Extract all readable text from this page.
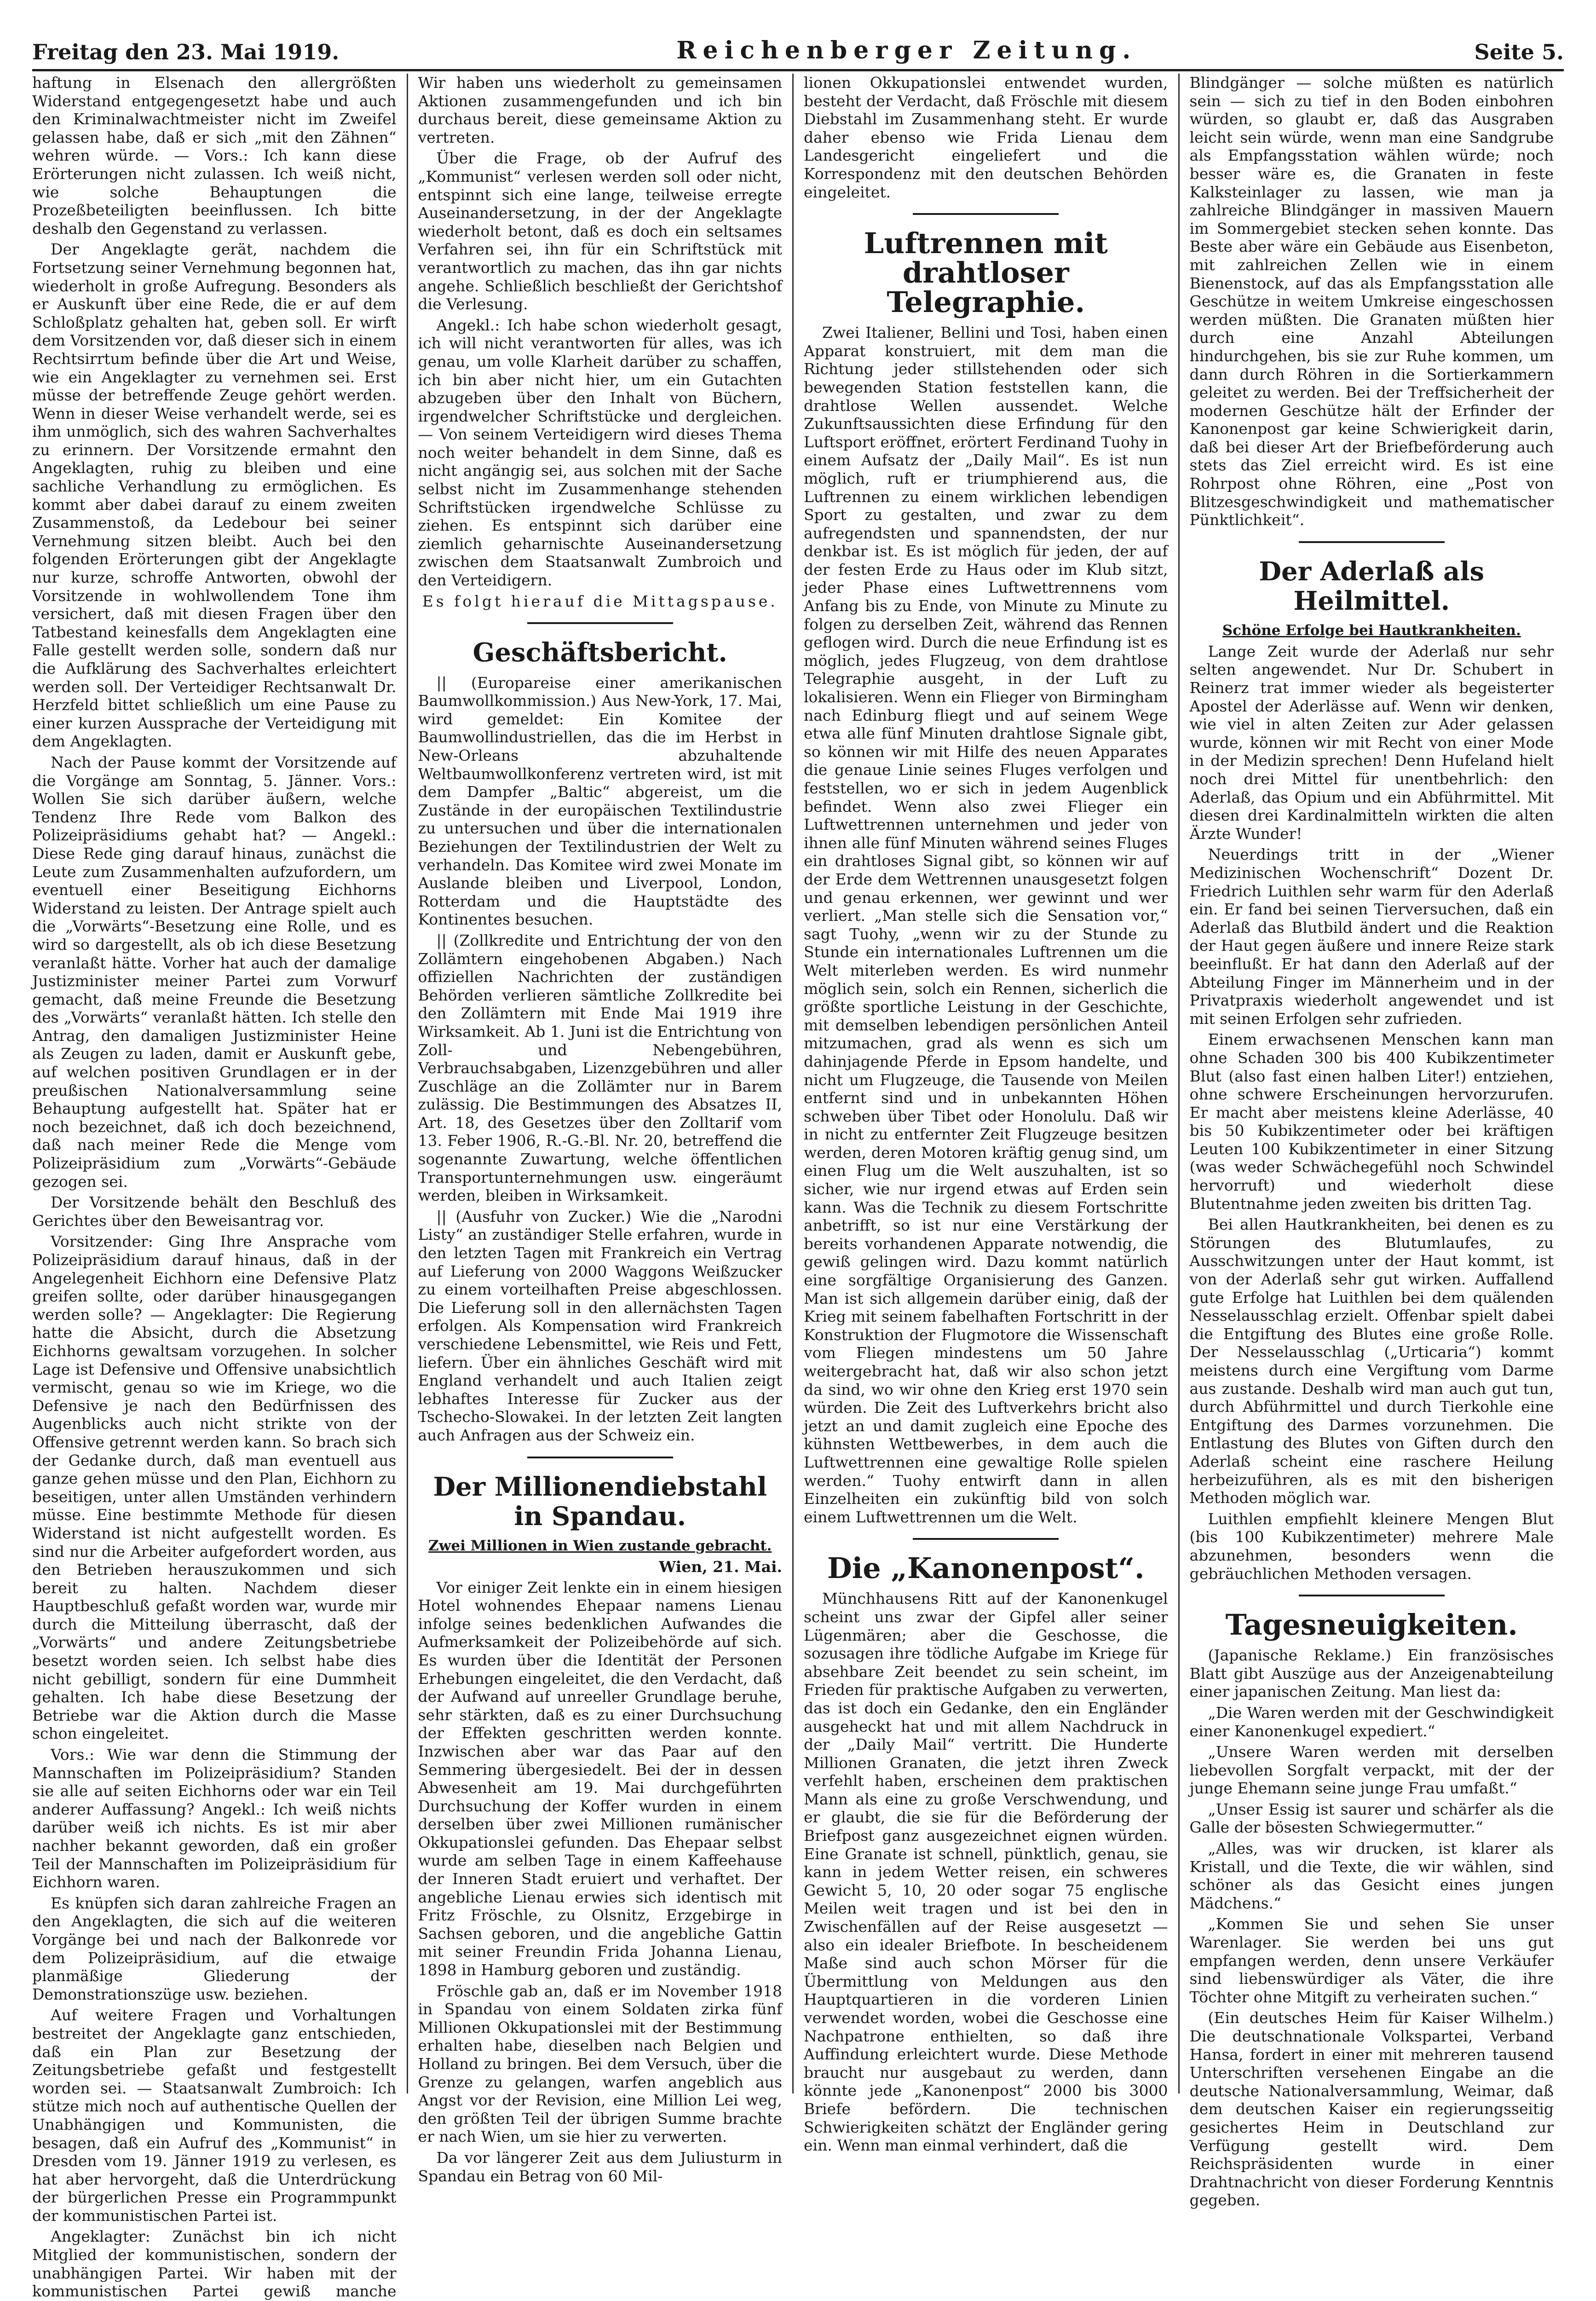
Freitag den 23. Mai 1919.	Reichenberger Zeitung.	Seite 5.

haftung in Elsenach den allergrößten Widerstand entgegengesetzt habe und auch den Kriminalwachtmeister nicht im Zweifel gelassen habe, daß er sich „mit den Zähnen“ wehren würde. — Vors.: Ich kann diese Erörterungen nicht zulassen. Ich weiß nicht, wie solche Behauptungen die Prozeßbeteiligten beeinflussen. Ich bitte deshalb den Gegenstand zu verlassen.

Der Angeklagte gerät, nachdem die Fortsetzung seiner Vernehmung begonnen hat, wiederholt in große Aufregung. Besonders als er Auskunft über eine Rede, die er auf dem Schloßplatz gehalten hat, geben soll. Er wirft dem Vorsitzenden vor, daß dieser sich in einem Rechtsirrtum befinde über die Art und Weise, wie ein Angeklagter zu vernehmen sei. Erst müsse der betreffende Zeuge gehört werden. Wenn in dieser Weise verhandelt werde, sei es ihm unmöglich, sich des wahren Sachverhaltes zu erinnern. Der Vorsitzende ermahnt den Angeklagten, ruhig zu bleiben und eine sachliche Verhandlung zu ermöglichen. Es kommt aber dabei darauf zu einem zweiten Zusammenstoß, da Ledebour bei seiner Vernehmung sitzen bleibt. Auch bei den folgenden Erörterungen gibt der Angeklagte nur kurze, schroffe Antworten, obwohl der Vorsitzende in wohlwollendem Tone ihm versichert, daß mit diesen Fragen über den Tatbestand keinesfalls dem Angeklagten eine Falle gestellt werden solle, sondern daß nur die Aufklärung des Sachverhaltes erleichtert werden soll. Der Verteidiger Rechtsanwalt Dr. Herzfeld bittet schließlich um eine Pause zu einer kurzen Aussprache der Verteidigung mit dem Angeklagten.

Nach der Pause kommt der Vorsitzende auf die Vorgänge am Sonntag, 5. Jänner. Vors.: Wollen Sie sich darüber äußern, welche Tendenz Ihre Rede vom Balkon des Polizeipräsidiums gehabt hat? — Angekl.: Diese Rede ging darauf hinaus, zunächst die Leute zum Zusammenhalten aufzufordern, um eventuell einer Beseitigung Eichhorns Widerstand zu leisten. Der Antrage spielt auch die „Vorwärts“-Besetzung eine Rolle, und es wird so dargestellt, als ob ich diese Besetzung veranlaßt hätte. Vorher hat auch der damalige Justizminister meiner Partei zum Vorwurf gemacht, daß meine Freunde die Besetzung des „Vorwärts“ veranlaßt hätten. Ich stelle den Antrag, den damaligen Justizminister Heine als Zeugen zu laden, damit er Auskunft gebe, auf welchen positiven Grundlagen er in der preußischen Nationalversammlung seine Behauptung aufgestellt hat. Später hat er noch bezeichnet, daß ich doch bezeichnend, daß nach meiner Rede die Menge vom Polizeipräsidium zum „Vorwärts“-Gebäude gezogen sei.

Der Vorsitzende behält den Beschluß des Gerichtes über den Beweisantrag vor.

Vorsitzender: Ging Ihre Ansprache vom Polizeipräsidium darauf hinaus, daß in der Angelegenheit Eichhorn eine Defensive Platz greifen sollte, oder darüber hinausgegangen werden solle? — Angeklagter: Die Regierung hatte die Absicht, durch die Absetzung Eichhorns gewaltsam vorzugehen. In solcher Lage ist Defensive und Offensive unabsichtlich vermischt, genau so wie im Kriege, wo die Defensive je nach den Bedürfnissen des Augenblicks auch nicht strikte von der Offensive getrennt werden kann. So brach sich der Gedanke durch, daß man eventuell aus ganze gehen müsse und den Plan, Eichhorn zu beseitigen, unter allen Umständen verhindern müsse. Eine bestimmte Methode für diesen Widerstand ist nicht aufgestellt worden. Es sind nur die Arbeiter aufgefordert worden, aus den Betrieben herauszukommen und sich bereit zu halten. Nachdem dieser Hauptbeschluß gefaßt worden war, wurde mir durch die Mitteilung überrascht, daß der „Vorwärts“ und andere Zeitungsbetriebe besetzt worden seien. Ich selbst habe dies nicht gebilligt, sondern für eine Dummheit gehalten. Ich habe diese Besetzung der Betriebe war die Aktion durch die Masse schon eingeleitet.

Vors.: Wie war denn die Stimmung der Mannschaften im Polizeipräsidium? Standen sie alle auf seiten Eichhorns oder war ein Teil anderer Auffassung? Angekl.: Ich weiß nichts darüber weiß ich nichts. Es ist mir aber nachher bekannt geworden, daß ein großer Teil der Mannschaften im Polizeipräsidium für Eichhorn waren.

Es knüpfen sich daran zahlreiche Fragen an den Angeklagten, die sich auf die weiteren Vorgänge bei und nach der Balkonrede vor dem Polizeipräsidium, auf die etwaige planmäßige Gliederung der Demonstrationszüge usw. beziehen.

Auf weitere Fragen und Vorhaltungen bestreitet der Angeklagte ganz entschieden, daß ein Plan zur Besetzung der Zeitungsbetriebe gefaßt und festgestellt worden sei. — Staatsanwalt Zumbroich: Ich stütze mich noch auf authentische Quellen der Unabhängigen und Kommunisten, die besagen, daß ein Aufruf des „Kommunist“ in Dresden vom 19. Jänner 1919 zu verlesen, es hat aber hervorgeht, daß die Unterdrückung der bürgerlichen Presse ein Programmpunkt der kommunistischen Partei ist.

Angeklagter: Zunächst bin ich nicht Mitglied der kommunistischen, sondern der unabhängigen Partei. Wir haben mit der kommunistischen Partei gewiß manche

Wir haben uns wiederholt zu gemeinsamen Aktionen zusammengefunden und ich bin durchaus bereit, diese gemeinsame Aktion zu vertreten.

Über die Frage, ob der Aufruf des „Kommunist“ verlesen werden soll oder nicht, entspinnt sich eine lange, teilweise erregte Auseinandersetzung, in der der Angeklagte wiederholt betont, daß es doch ein seltsames Verfahren sei, ihn für ein Schriftstück mit verantwortlich zu machen, das ihn gar nichts angehe. Schließlich beschließt der Gerichtshof die Verlesung.

Angekl.: Ich habe schon wiederholt gesagt, ich will nicht verantworten für alles, was ich genau, um volle Klarheit darüber zu schaffen, ich bin aber nicht hier, um ein Gutachten abzugeben über den Inhalt von Büchern, irgendwelcher Schriftstücke und dergleichen. — Von seinem Verteidigern wird dieses Thema noch weiter behandelt in dem Sinne, daß es nicht angängig sei, aus solchen mit der Sache selbst nicht im Zusammenhange stehenden Schriftstücken irgendwelche Schlüsse zu ziehen. Es entspinnt sich darüber eine ziemlich geharnischte Auseinandersetzung zwischen dem Staatsanwalt Zumbroich und den Verteidigern.

Es folgt hierauf die Mittagspause.
Geschäftsbericht.

|| (Europareise einer amerikanischen Baumwollkommission.) Aus New-York, 17. Mai, wird gemeldet: Ein Komitee der Baumwollindustriellen, das die im Herbst in New-Orleans abzuhaltende Weltbaumwollkonferenz vertreten wird, ist mit dem Dampfer „Baltic“ abgereist, um die Zustände in der europäischen Textilindustrie zu untersuchen und über die internationalen Beziehungen der Textilindustrien der Welt zu verhandeln. Das Komitee wird zwei Monate im Auslande bleiben und Liverpool, London, Rotterdam und die Hauptstädte des Kontinentes besuchen.

|| (Zollkredite und Entrichtung der von den Zollämtern eingehobenen Abgaben.) Nach offiziellen Nachrichten der zuständigen Behörden verlieren sämtliche Zollkredite bei den Zollämtern mit Ende Mai 1919 ihre Wirksamkeit. Ab 1. Juni ist die Entrichtung von Zoll- und Nebengebühren, Verbrauchsabgaben, Lizenzgebühren und aller Zuschläge an die Zollämter nur in Barem zulässig. Die Bestimmungen des Absatzes II, Art. 18, des Gesetzes über den Zolltarif vom 13. Feber 1906, R.-G.-Bl. Nr. 20, betreffend die sogenannte Zuwartung, welche öffentlichen Transportunternehmungen usw. eingeräumt werden, bleiben in Wirksamkeit.

|| (Ausfuhr von Zucker.) Wie die „Narodni Listy“ an zuständiger Stelle erfahren, wurde in den letzten Tagen mit Frankreich ein Vertrag auf Lieferung von 2000 Waggons Weißzucker zu einem vorteilhaften Preise abgeschlossen. Die Lieferung soll in den allernächsten Tagen erfolgen. Als Kompensation wird Frankreich verschiedene Lebensmittel, wie Reis und Fett, liefern. Über ein ähnliches Geschäft wird mit England verhandelt und auch Italien zeigt lebhaftes Interesse für Zucker aus der Tschecho-Slowakei. In der letzten Zeit langten auch Anfragen aus der Schweiz ein.

Der Millionendiebstahl in Spandau.
Zwei Millionen in Wien zustande gebracht.
Wien, 21. Mai.

Vor einiger Zeit lenkte ein in einem hiesigen Hotel wohnendes Ehepaar namens Lienau infolge seines bedenklichen Aufwandes die Aufmerksamkeit der Polizeibehörde auf sich. Es wurden über die Identität der Personen Erhebungen eingeleitet, die den Verdacht, daß der Aufwand auf unreeller Grundlage beruhe, sehr stärkten, daß es zu einer Durchsuchung der Effekten geschritten werden konnte. Inzwischen aber war das Paar auf den Semmering übergesiedelt. Bei der in dessen Abwesenheit am 19. Mai durchgeführten Durchsuchung der Koffer wurden in einem derselben über zwei Millionen rumänischer Okkupationslei gefunden. Das Ehepaar selbst wurde am selben Tage in einem Kaffeehause der Inneren Stadt eruiert und verhaftet. Der angebliche Lienau erwies sich identisch mit Fritz Fröschle, zu Olsnitz, Erzgebirge in Sachsen geboren, und die angebliche Gattin mit seiner Freundin Frida Johanna Lienau, 1898 in Hamburg geboren und zuständig.

Fröschle gab an, daß er im November 1918 in Spandau von einem Soldaten zirka fünf Millionen Okkupationslei mit der Bestimmung erhalten habe, dieselben nach Belgien und Holland zu bringen. Bei dem Versuch, über die Grenze zu gelangen, warfen angeblich aus Angst vor der Revision, eine Million Lei weg, den größten Teil der übrigen Summe brachte er nach Wien, um sie hier zu verwerten.

Da vor längerer Zeit aus dem Juliusturm in Spandau ein Betrag von 60 Mil-

lionen Okkupationslei entwendet wurden, besteht der Verdacht, daß Fröschle mit diesem Diebstahl im Zusammenhang steht. Er wurde daher ebenso wie Frida Lienau dem Landesgericht eingeliefert und die Korrespondenz mit den deutschen Behörden eingeleitet.

Luftrennen mit drahtloser Telegraphie.

Zwei Italiener, Bellini und Tosi, haben einen Apparat konstruiert, mit dem man die Richtung jeder stillstehenden oder sich bewegenden Station feststellen kann, die drahtlose Wellen aussendet. Welche Zukunftsaussichten diese Erfindung für den Luftsport eröffnet, erörtert Ferdinand Tuohy in einem Aufsatz der „Daily Mail“. Es ist nun möglich, ruft er triumphierend aus, die Luftrennen zu einem wirklichen lebendigen Sport zu gestalten, und zwar zu dem aufregendsten und spannendsten, der nur denkbar ist. Es ist möglich für jeden, der auf der festen Erde zu Haus oder im Klub sitzt, jeder Phase eines Luftwettrennens vom Anfang bis zu Ende, von Minute zu Minute zu folgen zu derselben Zeit, während das Rennen geflogen wird. Durch die neue Erfindung ist es möglich, jedes Flugzeug, von dem drahtlose Telegraphie ausgeht, in der Luft zu lokalisieren. Wenn ein Flieger von Birmingham nach Edinburg fliegt und auf seinem Wege etwa alle fünf Minuten drahtlose Signale gibt, so können wir mit Hilfe des neuen Apparates die genaue Linie seines Fluges verfolgen und feststellen, wo er sich in jedem Augenblick befindet. Wenn also zwei Flieger ein Luftwettrennen unternehmen und jeder von ihnen alle fünf Minuten während seines Fluges ein drahtloses Signal gibt, so können wir auf der Erde dem Wettrennen unausgesetzt folgen und genau erkennen, wer gewinnt und wer verliert. „Man stelle sich die Sensation vor,“ sagt Tuohy, „wenn wir zu der Stunde zu Stunde ein internationales Luftrennen um die Welt miterleben werden. Es wird nunmehr möglich sein, solch ein Rennen, sicherlich die größte sportliche Leistung in der Geschichte, mit demselben lebendigen persönlichen Anteil mitzumachen, grad als wenn es sich um dahinjagende Pferde in Epsom handelte, und nicht um Flugzeuge, die Tausende von Meilen entfernt sind und in unbekannten Höhen schweben über Tibet oder Honolulu. Daß wir in nicht zu entfernter Zeit Flugzeuge besitzen werden, deren Motoren kräftig genug sind, um einen Flug um die Welt auszuhalten, ist so sicher, wie nur irgend etwas auf Erden sein kann. Was die Technik zu diesem Fortschritte anbetrifft, so ist nur eine Verstärkung der bereits vorhandenen Apparate notwendig, die gewiß gelingen wird. Dazu kommt natürlich eine sorgfältige Organisierung des Ganzen. Man ist sich allgemein darüber einig, daß der Krieg mit seinem fabelhaften Fortschritt in der Konstruktion der Flugmotore die Wissenschaft vom Fliegen mindestens um 50 Jahre weitergebracht hat, daß wir also schon jetzt da sind, wo wir ohne den Krieg erst 1970 sein würden. Die Zeit des Luftverkehrs bricht also jetzt an und damit zugleich eine Epoche des kühnsten Wettbewerbes, in dem auch die Luftwettrennen eine gewaltige Rolle spielen werden.“ Tuohy entwirft dann in allen Einzelheiten ein zukünftig bild von solch einem Luftwettrennen um die Welt.

Die „Kanonenpost“.

Münchhausens Ritt auf der Kanonenkugel scheint uns zwar der Gipfel aller seiner Lügenmären; aber die Geschosse, die sozusagen ihre tödliche Aufgabe im Kriege für absehbare Zeit beendet zu sein scheint, im Frieden für praktische Aufgaben zu verwerten, das ist doch ein Gedanke, den ein Engländer ausgeheckt hat und mit allem Nachdruck in der „Daily Mail“ vertritt. Die Hunderte Millionen Granaten, die jetzt ihren Zweck verfehlt haben, erscheinen dem praktischen Mann als eine zu große Verschwendung, und er glaubt, die sie für die Beförderung der Briefpost ganz ausgezeichnet eignen würden. Eine Granate ist schnell, pünktlich, genau, sie kann in jedem Wetter reisen, ein schweres Gewicht 5, 10, 20 oder sogar 75 englische Meilen weit tragen und ist bei den in Zwischenfällen auf der Reise ausgesetzt — also ein idealer Briefbote. In bescheidenem Maße sind auch schon Mörser für die Übermittlung von Meldungen aus den Hauptquartieren in die vorderen Linien verwendet worden, wobei die Geschosse eine Nachpatrone enthielten, so daß ihre Auffindung erleichtert wurde. Diese Methode braucht nur ausgebaut zu werden, dann könnte jede „Kanonenpost“ 2000 bis 3000 Briefe befördern. Die technischen Schwierigkeiten schätzt der Engländer gering ein. Wenn man einmal verhindert, daß die

Blindgänger — solche müßten es natürlich sein — sich zu tief in den Boden einbohren würden, so glaubt er, daß das Ausgraben leicht sein würde, wenn man eine Sandgrube als Empfangsstation wählen würde; noch besser wäre es, die Granaten in feste Kalksteinlager zu lassen, wie man ja zahlreiche Blindgänger in massiven Mauern im Sommergebiet stecken sehen konnte. Das Beste aber wäre ein Gebäude aus Eisenbeton, mit zahlreichen Zellen wie in einem Bienenstock, auf das als Empfangsstation alle Geschütze in weitem Umkreise eingeschossen werden müßten. Die Granaten müßten hier durch eine Anzahl Abteilungen hindurchgehen, bis sie zur Ruhe kommen, um dann durch Röhren in die Sortierkammern geleitet zu werden. Bei der Treffsicherheit der modernen Geschütze hält der Erfinder der Kanonenpost gar keine Schwierigkeit darin, daß bei dieser Art der Briefbeförderung auch stets das Ziel erreicht wird. Es ist eine Rohrpost ohne Röhren, eine „Post von Blitzesgeschwindigkeit und mathematischer Pünktlichkeit“.

Der Aderlaß als Heilmittel.
Schöne Erfolge bei Hautkrankheiten.

Lange Zeit wurde der Aderlaß nur sehr selten angewendet. Nur Dr. Schubert in Reinerz trat immer wieder als begeisterter Apostel der Aderlässe auf. Wenn wir denken, wie viel in alten Zeiten zur Ader gelassen wurde, können wir mit Recht von einer Mode in der Medizin sprechen! Denn Hufeland hielt noch drei Mittel für unentbehrlich: den Aderlaß, das Opium und ein Abführmittel. Mit diesen drei Kardinalmitteln wirkten die alten Ärzte Wunder!

Neuerdings tritt in der „Wiener Medizinischen Wochenschrift“ Dozent Dr. Friedrich Luithlen sehr warm für den Aderlaß ein. Er fand bei seinen Tierversuchen, daß ein Aderlaß das Blutbild ändert und die Reaktion der Haut gegen äußere und innere Reize stark beeinflußt. Er hat dann den Aderlaß auf der Abteilung Finger im Männerheim und in der Privatpraxis wiederholt angewendet und ist mit seinen Erfolgen sehr zufrieden.

Einem erwachsenen Menschen kann man ohne Schaden 300 bis 400 Kubikzentimeter Blut (also fast einen halben Liter!) entziehen, ohne schwere Erscheinungen hervorzurufen. Er macht aber meistens kleine Aderlässe, 40 bis 50 Kubikzentimeter oder bei kräftigen Leuten 100 Kubikzentimeter in einer Sitzung (was weder Schwächegefühl noch Schwindel hervorruft) und wiederholt diese Blutentnahme jeden zweiten bis dritten Tag.

Bei allen Hautkrankheiten, bei denen es zu Störungen des Blutumlaufes, zu Ausschwitzungen unter der Haut kommt, ist von der Aderlaß sehr gut wirken. Auffallend gute Erfolge hat Luithlen bei dem quälenden Nesselausschlag erzielt. Offenbar spielt dabei die Entgiftung des Blutes eine große Rolle. Der Nesselausschlag („Urticaria“) kommt meistens durch eine Vergiftung vom Darme aus zustande. Deshalb wird man auch gut tun, durch Abführmittel und durch Tierkohle eine Entgiftung des Darmes vorzunehmen. Die Entlastung des Blutes von Giften durch den Aderlaß scheint eine raschere Heilung herbeizuführen, als es mit den bisherigen Methoden möglich war.

Luithlen empfiehlt kleinere Mengen Blut (bis 100 Kubikzentimeter) mehrere Male abzunehmen, besonders wenn die gebräuchlichen Methoden versagen.

Tagesneuigkeiten.

(Japanische Reklame.) Ein französisches Blatt gibt Auszüge aus der Anzeigenabteilung einer japanischen Zeitung. Man liest da:

„Die Waren werden mit der Geschwindigkeit einer Kanonenkugel expediert.“

„Unsere Waren werden mit derselben liebevollen Sorgfalt verpackt, mit der der junge Ehemann seine junge Frau umfaßt.“

„Unser Essig ist saurer und schärfer als die Galle der bösesten Schwiegermutter.“

„Alles, was wir drucken, ist klarer als Kristall, und die Texte, die wir wählen, sind schöner als das Gesicht eines jungen Mädchens.“

„Kommen Sie und sehen Sie unser Warenlager. Sie werden bei uns gut empfangen werden, denn unsere Verkäufer sind liebenswürdiger als Väter, die ihre Töchter ohne Mitgift zu verheiraten suchen.“

(Ein deutsches Heim für Kaiser Wilhelm.) Die deutschnationale Volkspartei, Verband Hansa, fordert in einer mit mehreren tausend Unterschriften versehenen Eingabe an die deutsche Nationalversammlung, Weimar, daß dem deutschen Kaiser ein regierungsseitig gesichertes Heim in Deutschland zur Verfügung gestellt wird. Dem Reichspräsidenten wurde in einer Drahtnachricht von dieser Forderung Kenntnis gegeben.
